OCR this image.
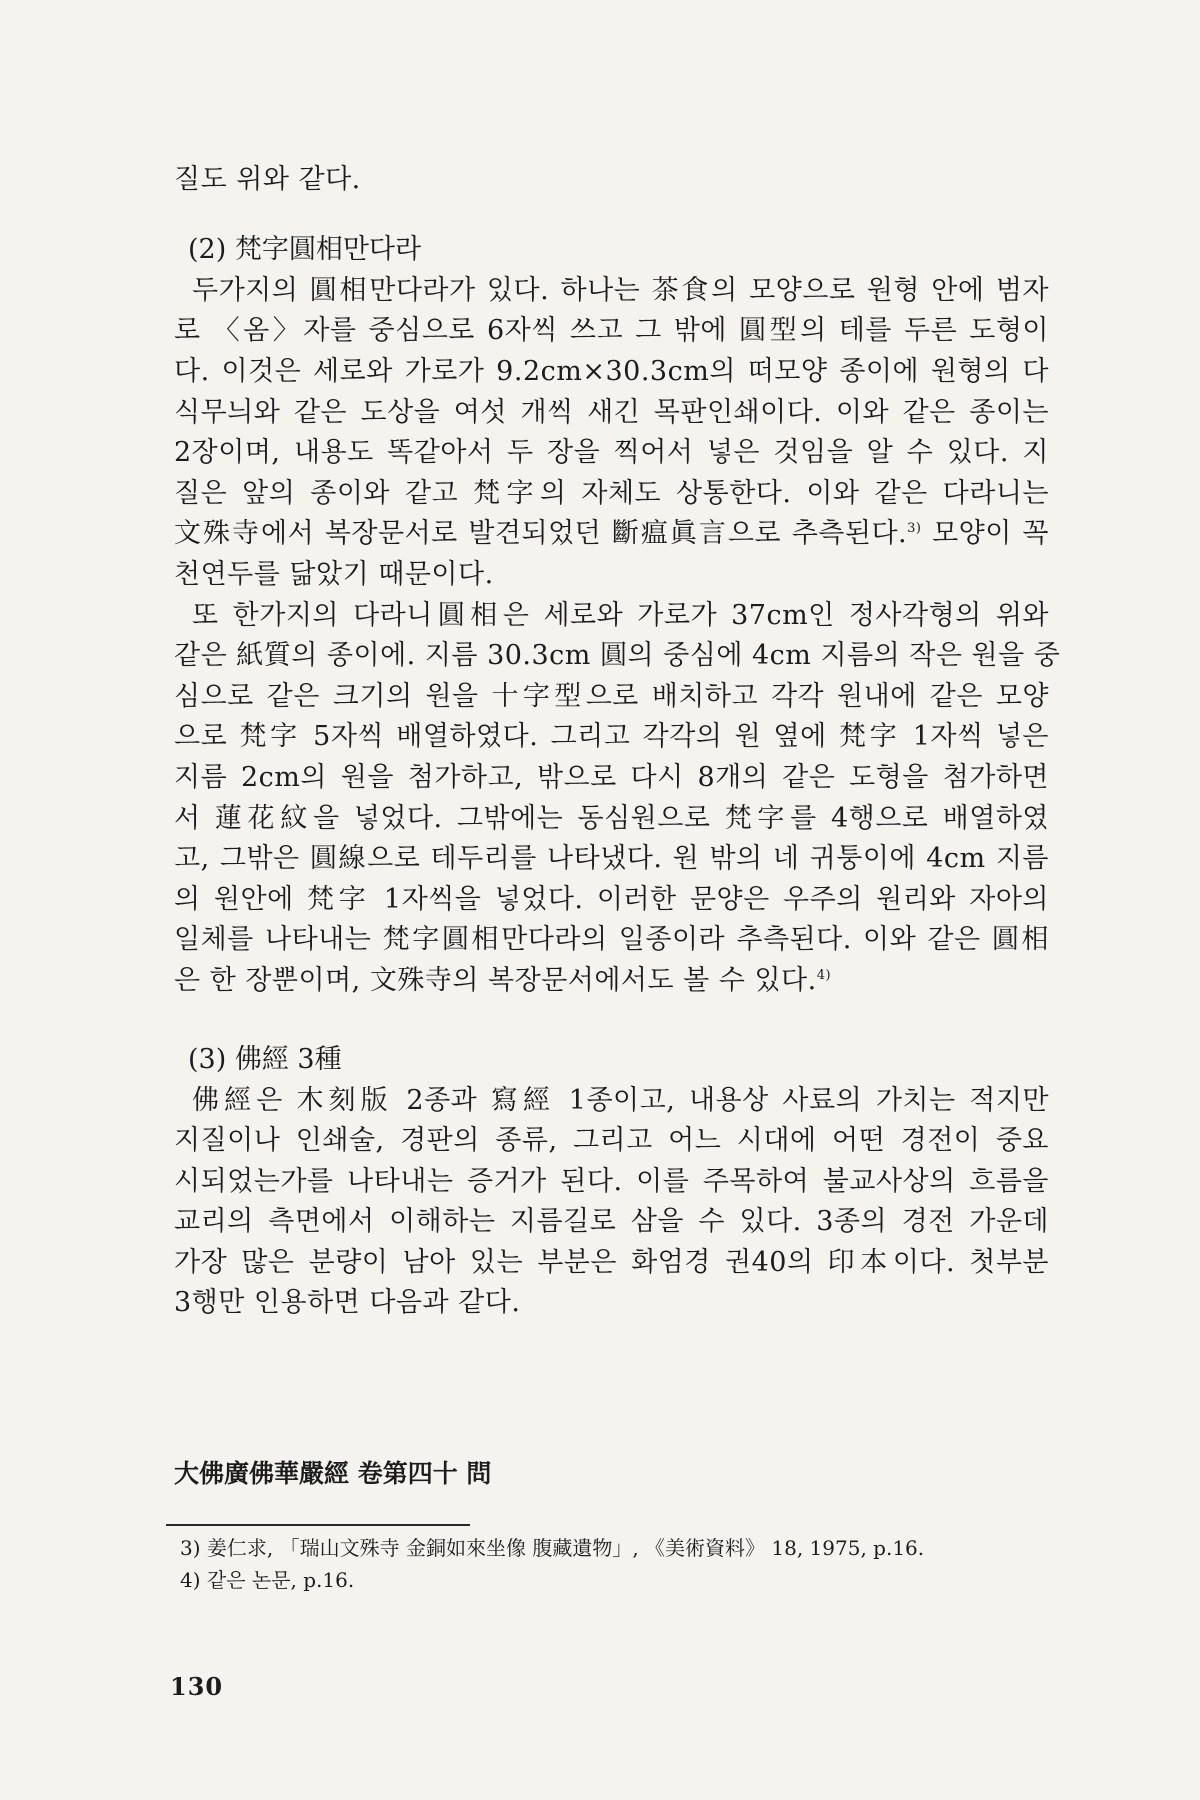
질도 위와 같다.
(2) 梵字圓相만다라
두가지의 圓相만다라가 있다. 하나는 茶食의 모양으로 원형 안에 범자
로 〈옴〉자를 중심으로 6자씩 쓰고 그 밖에 圓型의 테를 두른 도형이
다. 이것은 세로와 가로가 9.2cm×30.3cm의 떠모양 종이에 원형의 다
식무늬와 같은 도상을 여섯 개씩 새긴 목판인쇄이다. 이와 같은 종이는
2장이며, 내용도 똑같아서 두 장을 찍어서 넣은 것임을 알 수 있다. 지
질은 앞의 종이와 같고 梵字의 자체도 상통한다. 이와 같은 다라니는
文殊寺에서 복장문서로 발견되었던 斷瘟眞言으로 추측된다.$^{3)}$ 모양이 꼭
천연두를 닮았기 때문이다.
또 한가지의 다라니圓相은 세로와 가로가 37cm인 정사각형의 위와
같은 紙質의 종이에. 지름 30.3cm 圓의 중심에 4cm 지름의 작은 원을 중
심으로 같은 크기의 원을 十字型으로 배치하고 각각 원내에 같은 모양
으로 梵字 5자씩 배열하였다. 그리고 각각의 원 옆에 梵字 1자씩 넣은
지름 2cm의 원을 첨가하고, 밖으로 다시 8개의 같은 도형을 첨가하면
서 蓮花紋을 넣었다. 그밖에는 동심원으로 梵字를 4행으로 배열하였
고, 그밖은 圓線으로 테두리를 나타냈다. 원 밖의 네 귀퉁이에 4cm 지름
의 원안에 梵字 1자씩을 넣었다. 이러한 문양은 우주의 원리와 자아의
일체를 나타내는 梵字圓相만다라의 일종이라 추측된다. 이와 같은 圓相
은 한 장뿐이며, 文殊寺의 복장문서에서도 볼 수 있다.$^{4)}$
(3) 佛經 3種
佛經은 木刻版 2종과 寫經 1종이고, 내용상 사료의 가치는 적지만
지질이나 인쇄술, 경판의 종류, 그리고 어느 시대에 어떤 경전이 중요
시되었는가를 나타내는 증거가 된다. 이를 주목하여 불교사상의 흐름을
교리의 측면에서 이해하는 지름길로 삼을 수 있다. 3종의 경전 가운데
가장 많은 분량이 남아 있는 부분은 화엄경 권40의 印本이다. 첫부분
3행만 인용하면 다음과 같다.
大佛廣佛華嚴經 卷第四十 問
3) 姜仁求, 「瑞山文殊寺 金銅如來坐像 腹藏遺物」, 《美術資料》 18, 1975, p.16.
4) 같은 논문, p.16.
130
